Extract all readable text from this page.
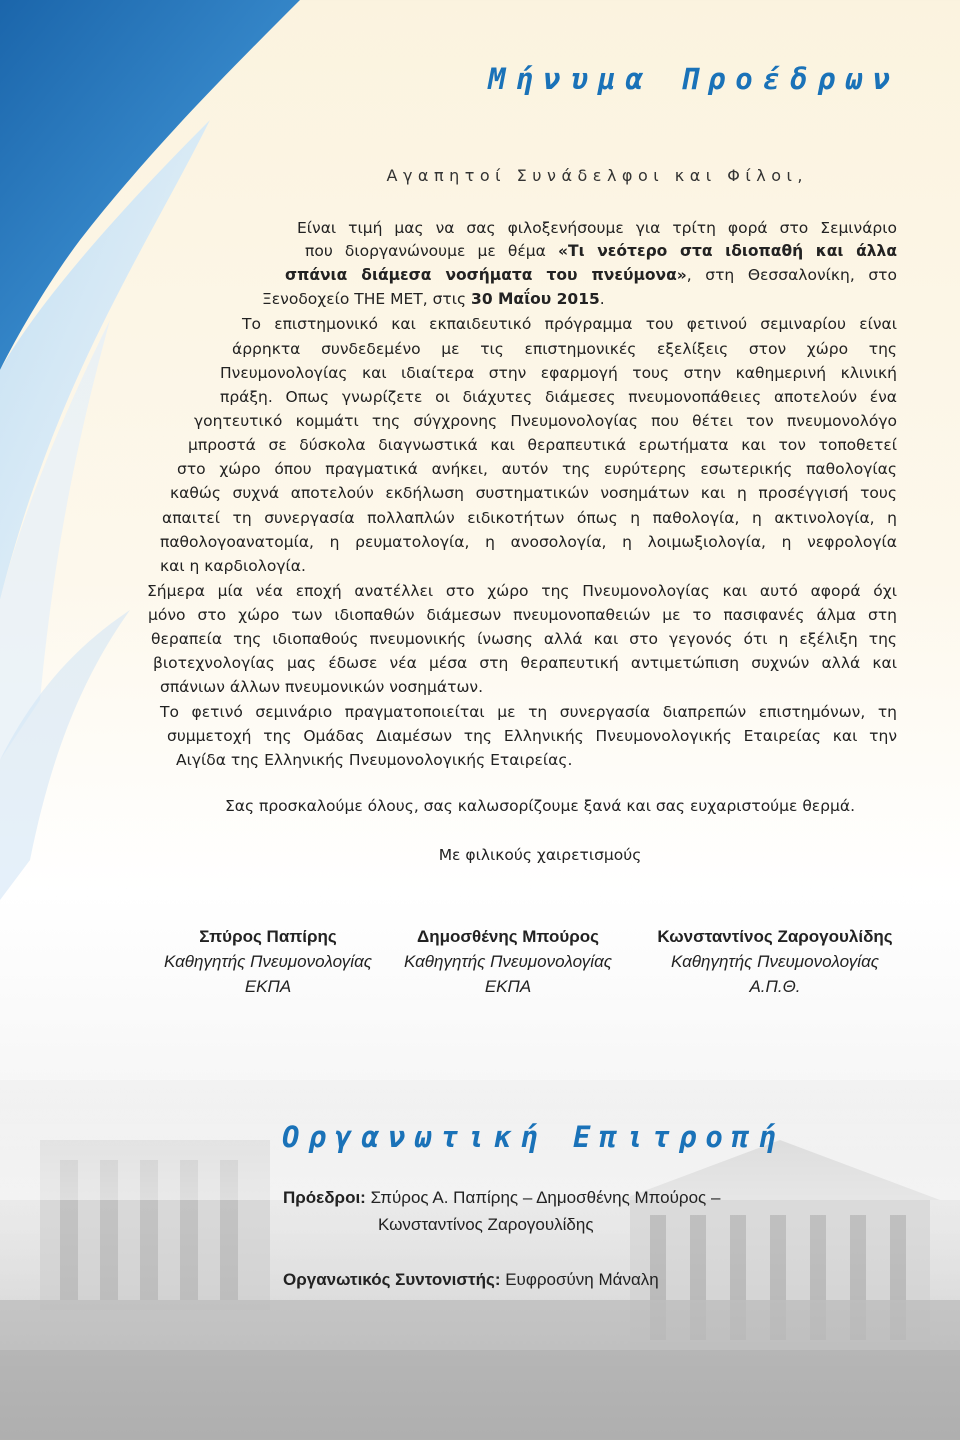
Μήνυμα Προέδρων

Αγαπητοί Συνάδελφοι και Φίλοι,

Είναι τιμή μας να σας φιλοξενήσουμε για τρίτη φορά στο Σεμινάριο

που διοργανώνουμε με θέμα «Τι νεότερο στα ιδιοπαθή και άλλα

σπάνια διάμεσα νοσήματα του πνεύμονα», στη Θεσσαλονίκη, στο

Ξενοδοχείο THE MET, στις 30 Μαΐου 2015.

Το επιστημονικό και εκπαιδευτικό πρόγραμμα του φετινού σεμιναρίου είναι

άρρηκτα συνδεδεμένο με τις επιστημονικές εξελίξεις στον χώρο της

Πνευμονολογίας και ιδιαίτερα στην εφαρμογή τους στην καθημερινή κλινική

πράξη. Οπως γνωρίζετε οι διάχυτες διάμεσες πνευμονοπάθειες αποτελούν ένα

γοητευτικό κομμάτι της σύγχρονης Πνευμονολογίας που θέτει τον πνευμονολόγο

μπροστά σε δύσκολα διαγνωστικά και θεραπευτικά ερωτήματα και τον τοποθετεί

στο χώρο όπου πραγματικά ανήκει, αυτόν της ευρύτερης εσωτερικής παθολογίας

καθώς συχνά αποτελούν εκδήλωση συστηματικών νοσημάτων και η προσέγγισή τους

απαιτεί τη συνεργασία πολλαπλών ειδικοτήτων όπως η παθολογία, η ακτινολογία, η

παθολογοανατομία, η ρευματολογία, η ανοσολογία, η λοιμωξιολογία, η νεφρολογία

και η καρδιολογία.

Σήμερα μία νέα εποχή ανατέλλει στο χώρο της Πνευμονολογίας και αυτό αφορά όχι

μόνο στο χώρο των ιδιοπαθών διάμεσων πνευμονοπαθειών με το πασιφανές άλμα στη

θεραπεία της ιδιοπαθούς πνευμονικής ίνωσης αλλά και στο γεγονός ότι η εξέλιξη της

βιοτεχνολογίας μας έδωσε νέα μέσα στη θεραπευτική αντιμετώπιση συχνών αλλά και

σπάνιων άλλων πνευμονικών νοσημάτων.

Το φετινό σεμινάριο πραγματοποιείται με τη συνεργασία διαπρεπών επιστημόνων, τη

συμμετοχή της Ομάδας Διαμέσων της Ελληνικής Πνευμονολογικής Εταιρείας και την

Αιγίδα της Ελληνικής Πνευμονολογικής Εταιρείας.

Σας προσκαλούμε όλους, σας καλωσορίζουμε ξανά και σας ευχαριστούμε θερμά.

Με φιλικούς χαιρετισμούς

Σπύρος Παπίρης
Καθηγητής Πνευμονολογίας
ΕΚΠΑ
Δημοσθένης Μπούρος
Καθηγητής Πνευμονολογίας
ΕΚΠΑ
Κωνσταντίνος Ζαρογουλίδης
Καθηγητής Πνευμονολογίας
Α.Π.Θ.
Οργανωτική Επιτροπή

Πρόεδροι: Σπύρος Α. Παπίρης – Δημοσθένης Μπούρος –

Κωνσταντίνος Ζαρογουλίδης

Οργανωτικός Συντονιστής: Ευφροσύνη Μάναλη
